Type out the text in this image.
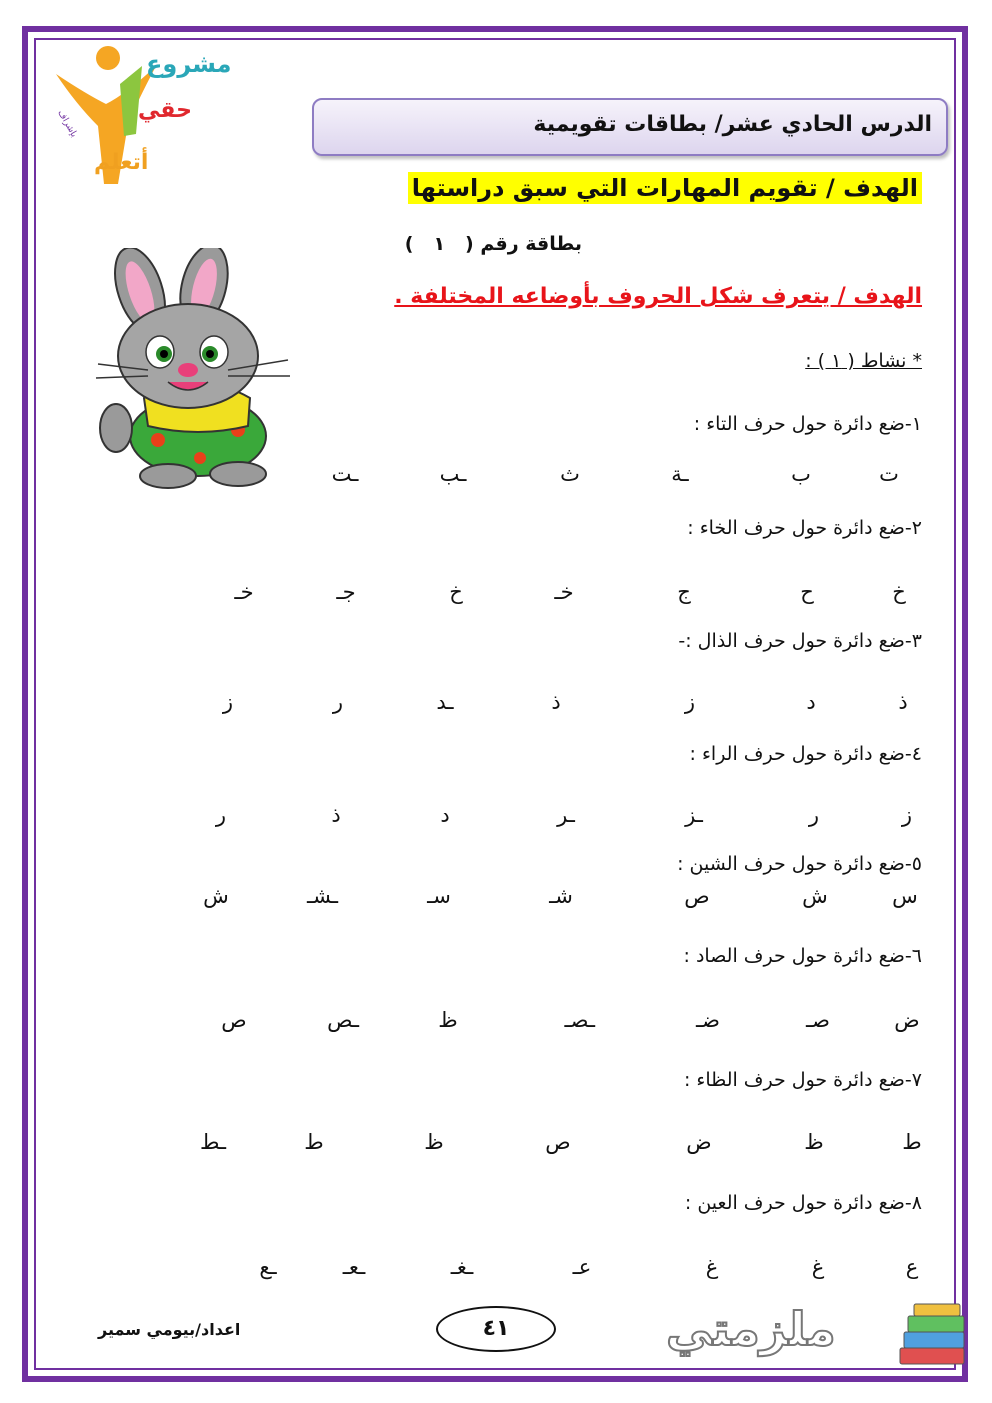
بإشراف
مشروع
حقي
أتعلم
الدرس الحادي عشر/ بطاقات تقويمية
الهدف / تقويم المهارات التي سبق دراستها
بطاقة رقم (١)
الهدف / يتعرف شكل الحروف بأوضاعه المختلفة .
* نشاط ( ١ ) :
١-ضع دائرة حول حرف التاء :
ت
ب
ـة
ث
ـب
ـت
٢-ضع دائرة حول حرف الخاء :
خ
ح
ج
خـ
خ
جـ
خـ
٣-ضع دائرة حول حرف الذال :-
ذ
د
ز
ذ
ـد
ر
ز
٤-ضع دائرة حول حرف الراء :
ز
ر
ـز
ـر
د
ذ
ر
٥-ضع دائرة حول حرف الشين :
س
ش
ص
شـ
سـ
ـشـ
ش
٦-ضع دائرة حول حرف الصاد :
ض
صـ
ضـ
ـصـ
ظ
ـص
ص
٧-ضع دائرة حول حرف الظاء :
ط
ظ
ض
ص
ظ
ط
ـط
٨-ضع دائرة حول حرف العين :
ع
غ
غ
عـ
ـغـ
ـعـ
ـع
اعداد/بيومي سمير	٤١	ملزمتي
